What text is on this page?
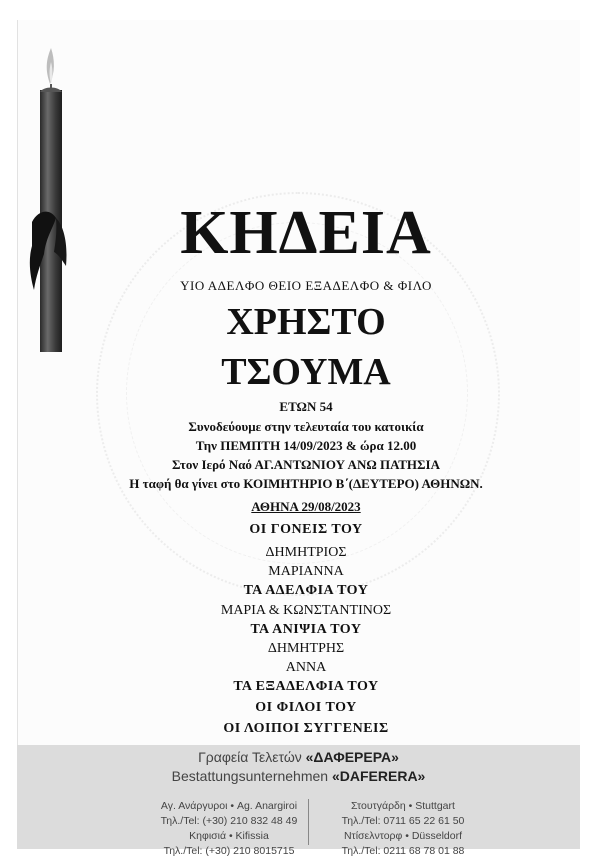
ΚΗΔΕΙΑ
ΥΙΟ ΑΔΕΛΦΟ ΘΕΙΟ ΕΞΑΔΕΛΦΟ & ΦΙΛΟ
ΧΡΗΣΤΟ
ΤΣΟΥΜΑ
ΕΤΩΝ 54
Συνοδεύουμε στην τελευταία του κατοικία
Την ΠΕΜΠΤΗ 14/09/2023 & ώρα 12.00
Στον Ιερό Ναό ΑΓ.ΑΝΤΩΝΙΟΥ ΑΝΩ ΠΑΤΗΣΙΑ
Η ταφή θα γίνει στο ΚΟΙΜΗΤΗΡΙΟ Β΄(ΔΕΥΤΕΡΟ) ΑΘΗΝΩΝ.
ΑΘΗΝΑ 29/08/2023
ΟΙ ΓΟΝΕΙΣ ΤΟΥ
ΔΗΜΗΤΡΙΟΣ
ΜΑΡΙΑΝΝΑ
ΤΑ ΑΔΕΛΦΙΑ ΤΟΥ
ΜΑΡΙΑ & ΚΩΝΣΤΑΝΤΙΝΟΣ
ΤΑ ΑΝΙΨΙΑ ΤΟΥ
ΔΗΜΗΤΡΗΣ
ΑΝΝΑ
ΤΑ ΕΞΑΔΕΛΦΙΑ ΤΟΥ
ΟΙ ΦΙΛΟΙ ΤΟΥ
ΟΙ ΛΟΙΠΟΙ ΣΥΓΓΕΝΕΙΣ
Γραφεία Τελετών «ΔΑΦΕΡΕΡΑ»
Bestattungsunternehmen «DAFERERA»
Αγ. Ανάργυροι • Ag. Anargiroi
Τηλ./Tel: (+30) 210 832 48 49
Κηφισιά • Kifissia
Τηλ./Tel: (+30) 210 8015715
Στουτγάρδη • Stuttgart
Τηλ./Tel: 0711 65 22 61 50
Ντίσελντορφ • Düsseldorf
Τηλ./Tel: 0211 68 78 01 88
